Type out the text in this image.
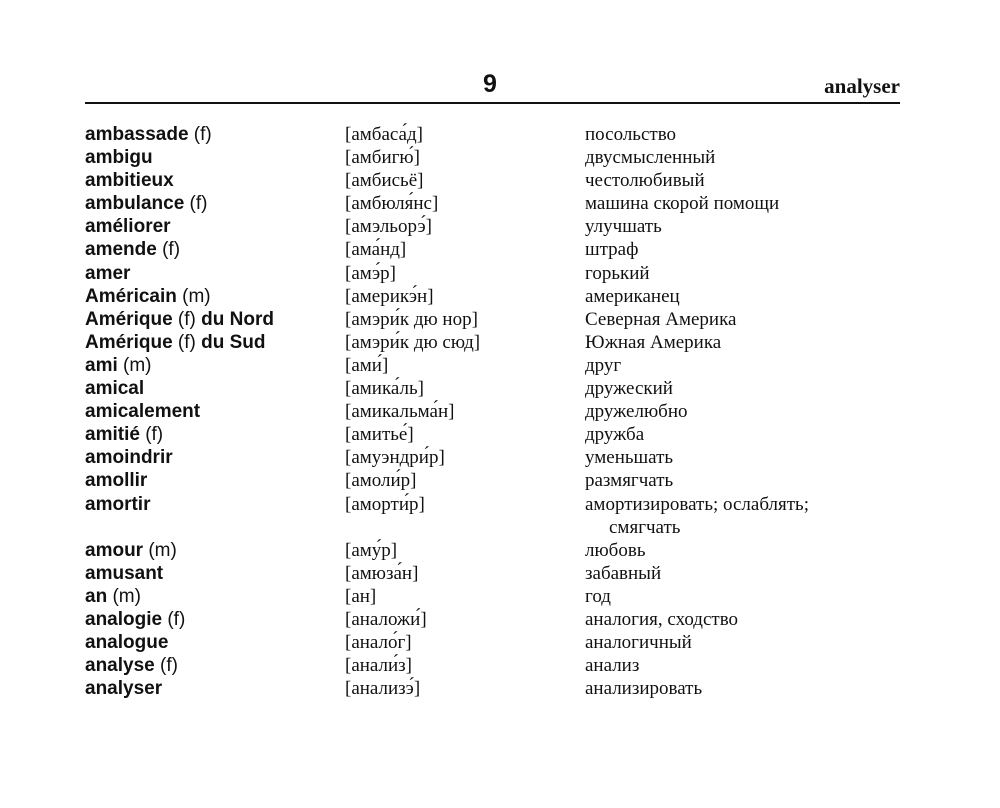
9	analyser
ambassade (f)	[амбаса́д]	посольство
ambigu	[амбигю́]	двусмысленный
ambitieux	[амбисьё]	честолюбивый
ambulance (f)	[амбюля́нс]	машина скорой помощи
améliorer	[амэльорэ́]	улучшать
amende (f)	[ама́нд]	штраф
amer	[амэ́р]	горький
Américain (m)	[америкэ́н]	американец
Amérique (f) du Nord	[амэри́к дю нор]	Северная Америка
Amérique (f) du Sud	[амэри́к дю сюд]	Южная Америка
ami (m)	[ами́]	друг
amical	[амика́ль]	дружеский
amicalement	[амикальма́н]	дружелюбно
amitié (f)	[амитье́]	дружба
amoindrir	[амуэндри́р]	уменьшать
amollir	[амоли́р]	размягчать
amortir	[аморти́р]	амортизировать; ослаблять;
смягчать
amour (m)	[аму́р]	любовь
amusant	[амюза́н]	забавный
an (m)	[ан]	год
analogie (f)	[аналожи́]	аналогия, сходство
analogue	[анало́г]	аналогичный
analyse (f)	[анали́з]	анализ
analyser	[анализэ́]	анализировать
